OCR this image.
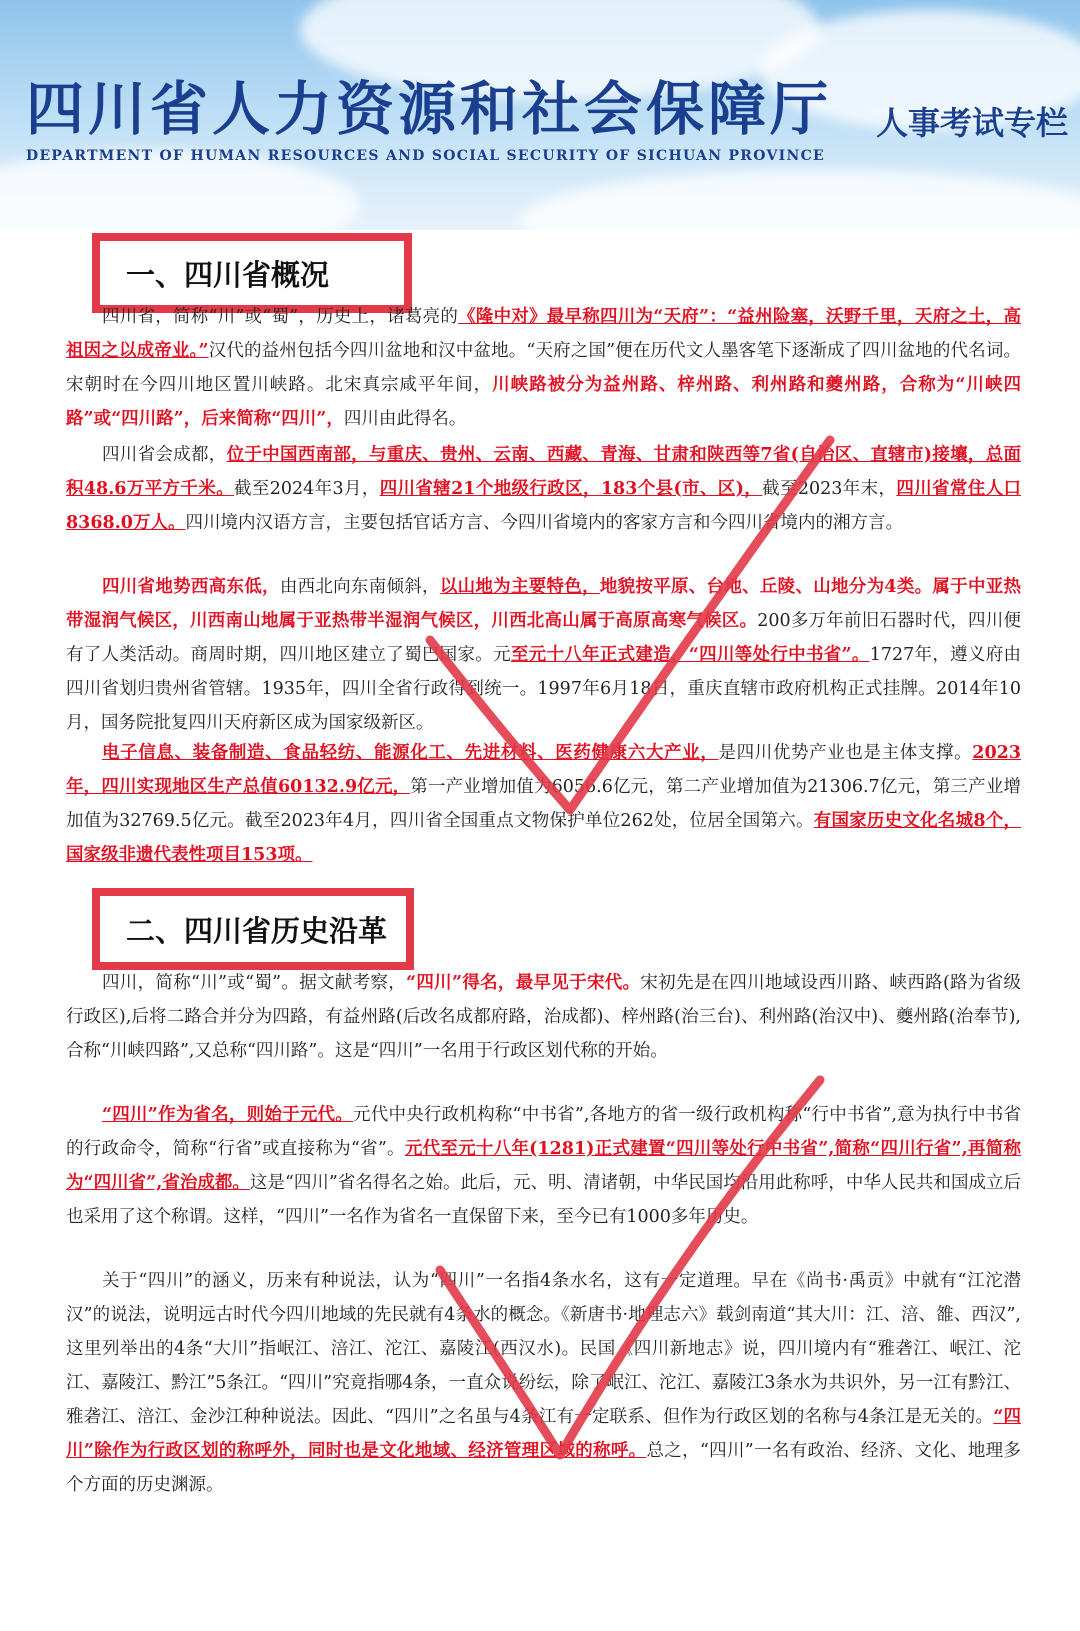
四川省人力资源和社会保障厅
DEPARTMENT OF HUMAN RESOURCES AND SOCIAL SECURITY OF SICHUAN PROVINCE
人事考试专栏
一、四川省概况

四川省，简称“川”或“蜀”，历史上，诸葛亮的《隆中对》最早称四川为“天府”：“益州险塞，沃野千里，天府之土，高祖因之以成帝业。”汉代的益州包括今四川盆地和汉中盆地。“天府之国”便在历代文人墨客笔下逐渐成了四川盆地的代名词。宋朝时在今四川地区置川峡路。北宋真宗咸平年间，川峡路被分为益州路、梓州路、利州路和夔州路，合称为“川峡四路”或“四川路”，后来简称“四川”，四川由此得名。

四川省会成都，位于中国西南部，与重庆、贵州、云南、西藏、青海、甘肃和陕西等7省(自治区、直辖市)接壤，总面积48.6万平方千米。截至2024年3月，四川省辖21个地级行政区，183个县(市、区)，截至2023年末，四川省常住人口8368.0万人。四川境内汉语方言，主要包括官话方言、今四川省境内的客家方言和今四川省境内的湘方言。

四川省地势西高东低，由西北向东南倾斜，以山地为主要特色，地貌按平原、台地、丘陵、山地分为4类。属于中亚热带湿润气候区，川西南山地属于亚热带半湿润气候区，川西北高山属于高原高寒气候区。200多万年前旧石器时代，四川便有了人类活动。商周时期，四川地区建立了蜀巴国家。元至元十八年正式建造，“四川等处行中书省”。1727年，遵义府由四川省划归贵州省管辖。1935年，四川全省行政得到统一。1997年6月18日，重庆直辖市政府机构正式挂牌。2014年10月，国务院批复四川天府新区成为国家级新区。

电子信息、装备制造、食品轻纺、能源化工、先进材料、医药健康六大产业，是四川优势产业也是主体支撑。2023年，四川实现地区生产总值60132.9亿元，第一产业增加值为6056.6亿元，第二产业增加值为21306.7亿元，第三产业增加值为32769.5亿元。截至2023年4月，四川省全国重点文物保护单位262处，位居全国第六。有国家历史文化名城8个，国家级非遗代表性项目153项。

二、四川省历史沿革

四川，简称“川”或“蜀”。据文献考察，“四川”得名，最早见于宋代。宋初先是在四川地域设西川路、峡西路(路为省级行政区),后将二路合并分为四路，有益州路(后改名成都府路，治成都)、梓州路(治三台)、利州路(治汉中)、夔州路(治奉节),合称“川峡四路”,又总称“四川路”。这是“四川”一名用于行政区划代称的开始。

“四川”作为省名，则始于元代。元代中央行政机构称“中书省”,各地方的省一级行政机构称“行中书省”,意为执行中书省的行政命令，简称“行省”或直接称为“省”。元代至元十八年(1281)正式建置“四川等处行中书省”,简称“四川行省”,再简称为“四川省”,省治成都。这是“四川”省名得名之始。此后，元、明、清诸朝，中华民国均沿用此称呼，中华人民共和国成立后也采用了这个称谓。这样，“四川”一名作为省名一直保留下来，至今已有1000多年历史。

关于“四川”的涵义，历来有种说法，认为“四川”一名指4条水名，这有一定道理。早在《尚书·禹贡》中就有“江沱潜汉”的说法，说明远古时代今四川地域的先民就有4条水的概念。《新唐书·地理志六》载剑南道“其大川：江、涪、雒、西汉”,这里列举出的4条“大川”指岷江、涪江、沱江、嘉陵江(西汉水)。民国《四川新地志》说，四川境内有“雅砻江、岷江、沱江、嘉陵江、黔江”5条江。“四川”究竟指哪4条，一直众说纷纭，除了岷江、沱江、嘉陵江3条水为共识外，另一江有黔江、雅砻江、涪江、金沙江种种说法。因此、“四川”之名虽与4条江有一定联系、但作为行政区划的名称与4条江是无关的。“四川”除作为行政区划的称呼外，同时也是文化地域、经济管理区域的称呼。总之，“四川”一名有政治、经济、文化、地理多个方面的历史渊源。
